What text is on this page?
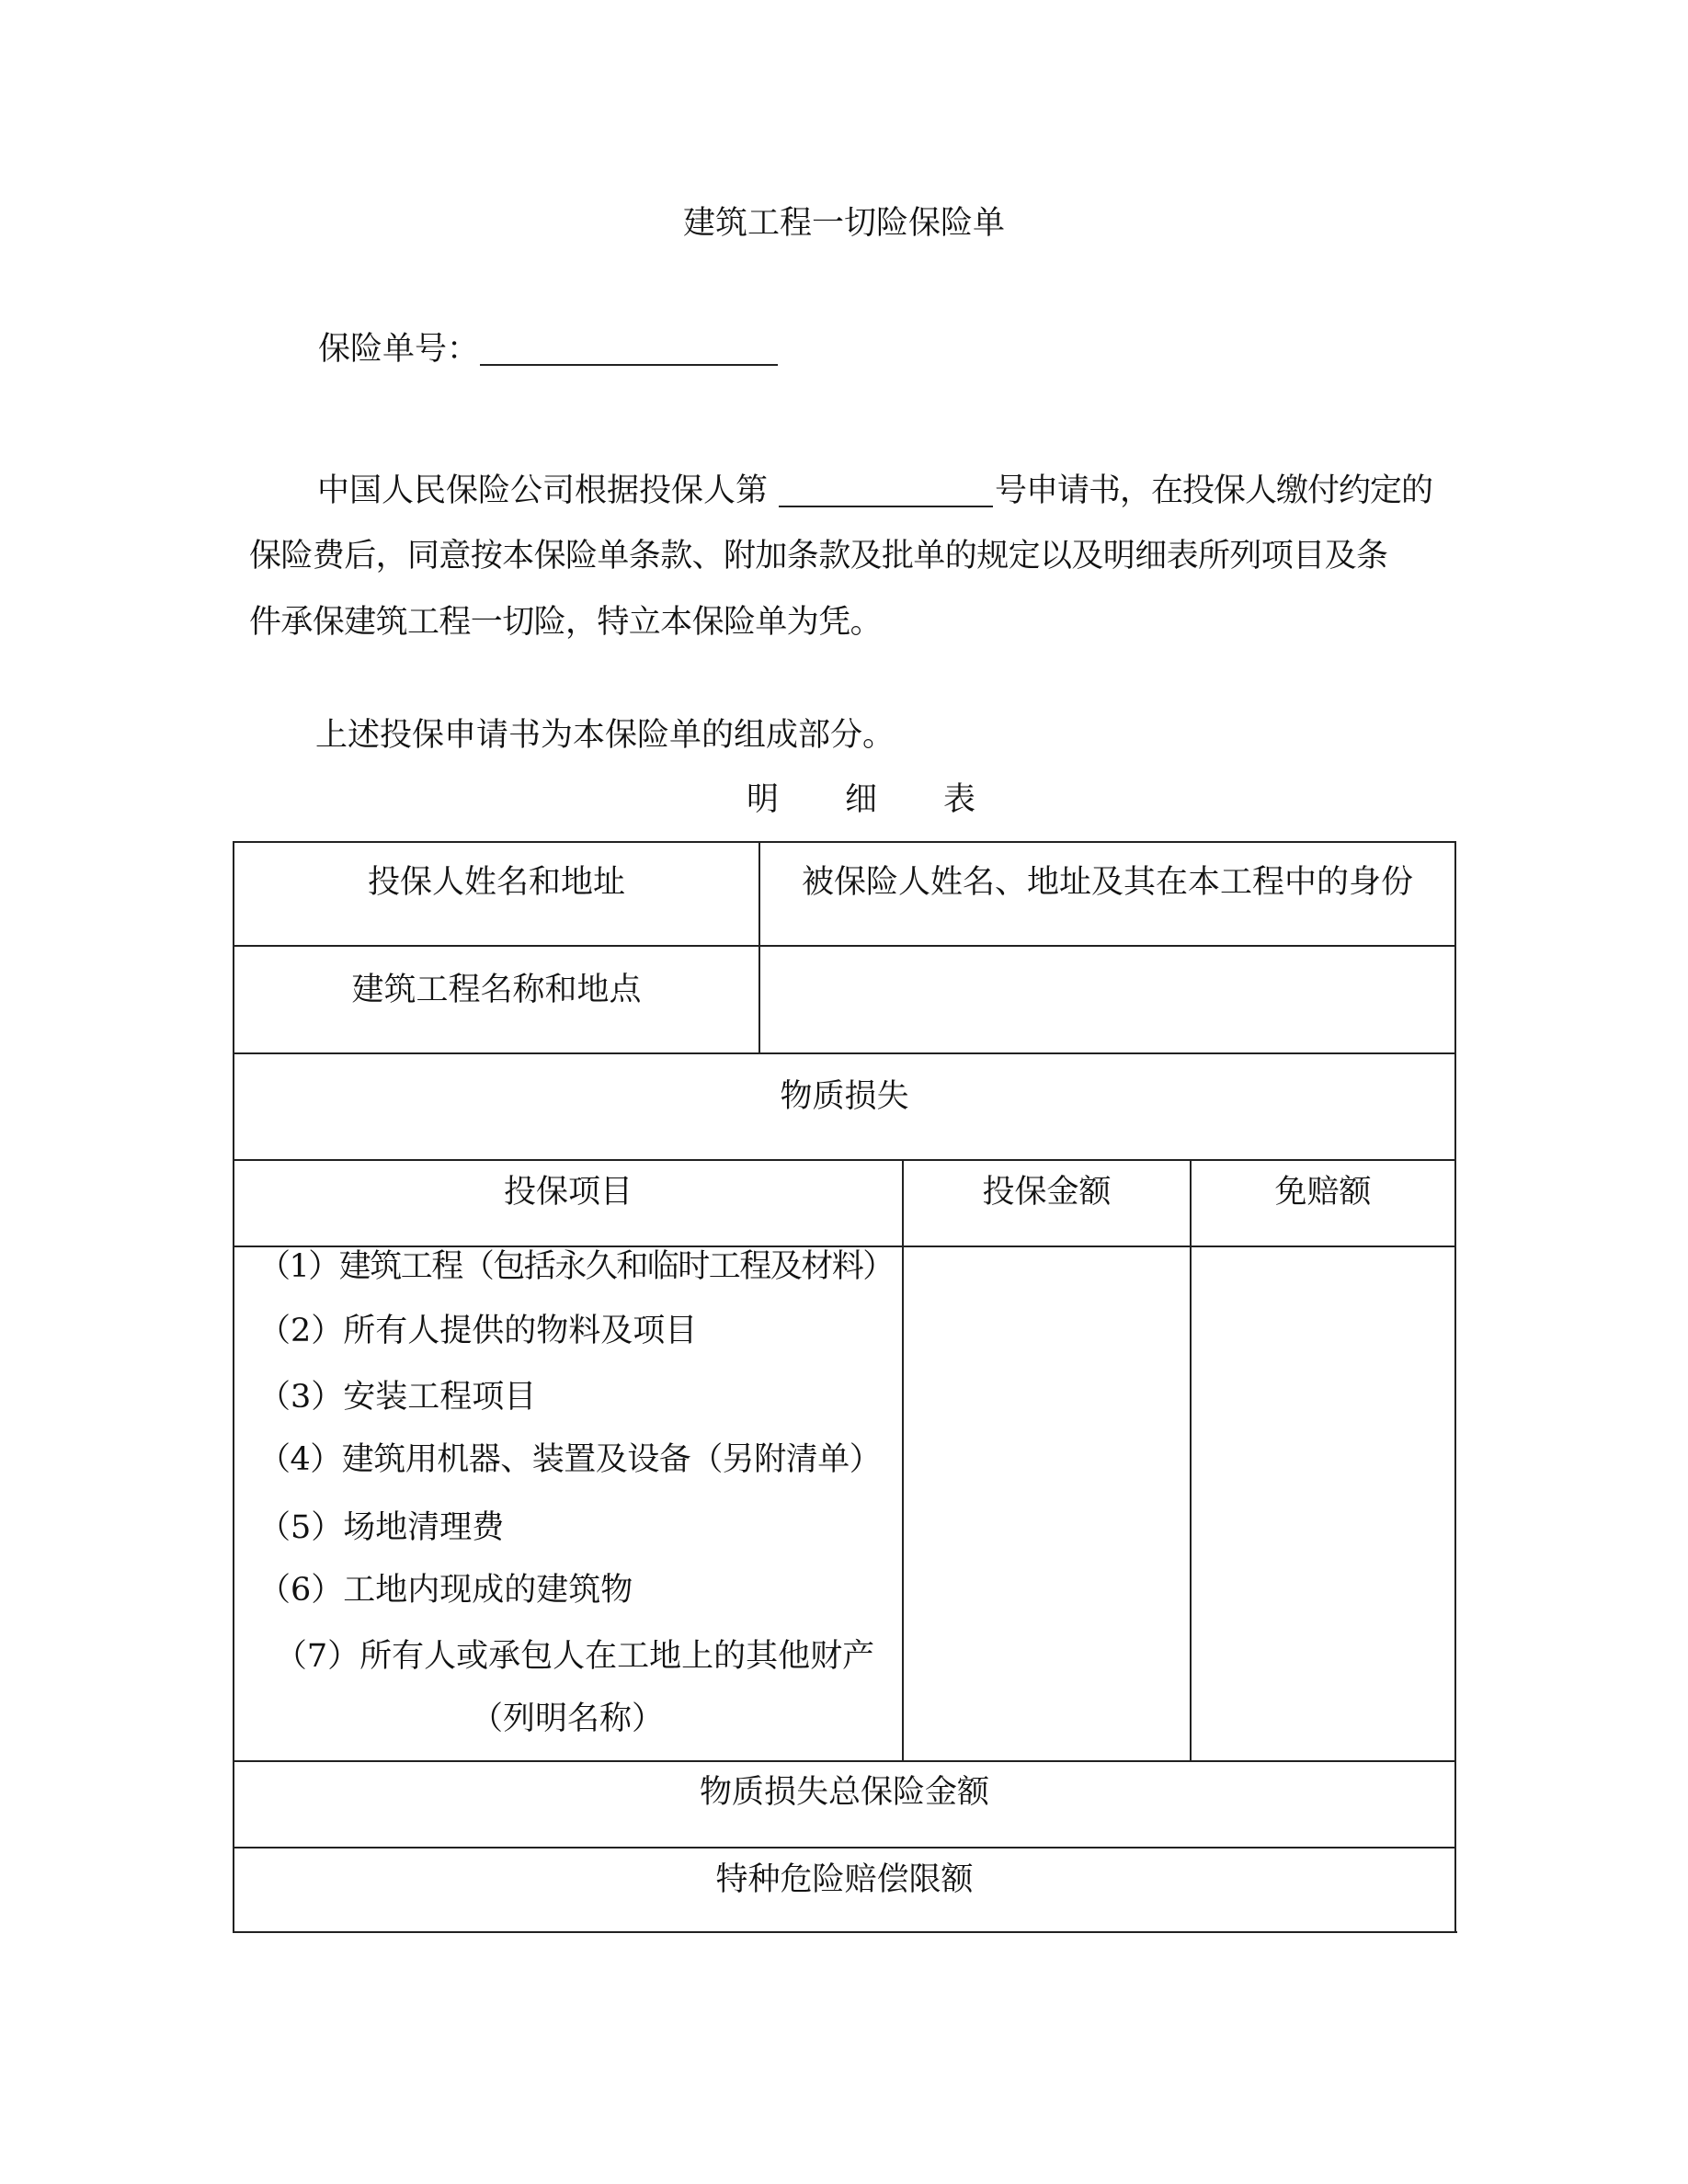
建筑工程一切险保险单
保险单号：
中国人民保险公司根据投保人第	号申请书，在投保人缴付约定的
保险费后，同意按本保险单条款、附加条款及批单的规定以及明细表所列项目及条
件承保建筑工程一切险，特立本保险单为凭。
上述投保申请书为本保险单的组成部分。
明 细 表
投保人姓名和地址	被保险人姓名、地址及其在本工程中的身份
建筑工程名称和地点
物质损失
投保项目	投保金额	免赔额
（1）建筑工程（包括永久和临时工程及材料）
（2）所有人提供的物料及项目
（3）安装工程项目
（4）建筑用机器、装置及设备（另附清单）
（5）场地清理费
（6）工地内现成的建筑物
（7）所有人或承包人在工地上的其他财产
（列明名称）
物质损失总保险金额
特种危险赔偿限额
